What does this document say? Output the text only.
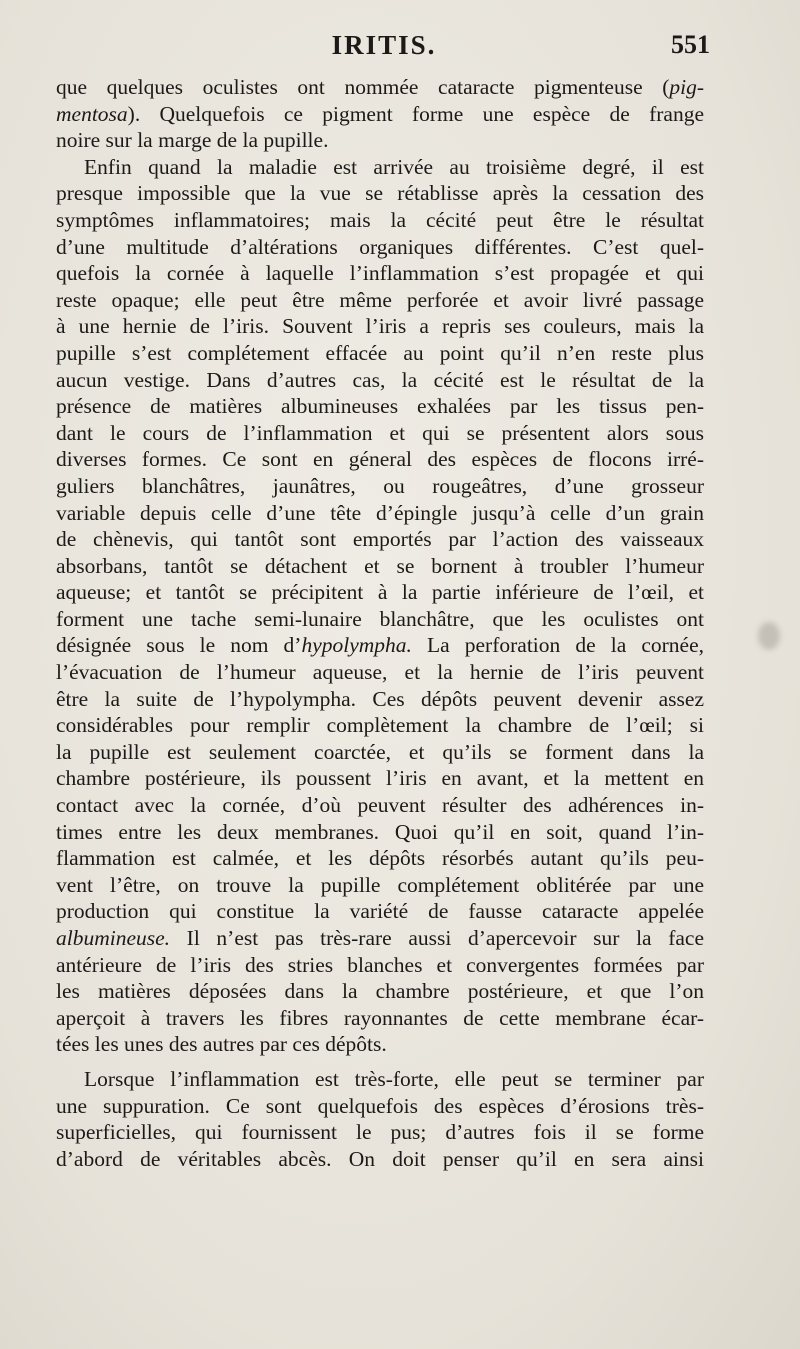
IRITIS.	551
que quelques oculistes ont nommée cataracte pigmenteuse (pig-
mentosa). Quelquefois ce pigment forme une espèce de frange
noire sur la marge de la pupille.
Enfin quand la maladie est arrivée au troisième degré, il est
presque impossible que la vue se rétablisse après la cessation des
symptômes inflammatoires; mais la cécité peut être le résultat
d’une multitude d’altérations organiques différentes. C’est quel-
quefois la cornée à laquelle l’inflammation s’est propagée et qui
reste opaque; elle peut être même perforée et avoir livré passage
à une hernie de l’iris. Souvent l’iris a repris ses couleurs, mais la
pupille s’est complétement effacée au point qu’il n’en reste plus
aucun vestige. Dans d’autres cas, la cécité est le résultat de la
présence de matières albumineuses exhalées par les tissus pen-
dant le cours de l’inflammation et qui se présentent alors sous
diverses formes. Ce sont en géneral des espèces de flocons irré-
guliers blanchâtres, jaunâtres, ou rougeâtres, d’une grosseur
variable depuis celle d’une tête d’épingle jusqu’à celle d’un grain
de chènevis, qui tantôt sont emportés par l’action des vaisseaux
absorbans, tantôt se détachent et se bornent à troubler l’humeur
aqueuse; et tantôt se précipitent à la partie inférieure de l’œil, et
forment une tache semi-lunaire blanchâtre, que les oculistes ont
désignée sous le nom d’hypolympha. La perforation de la cornée,
l’évacuation de l’humeur aqueuse, et la hernie de l’iris peuvent
être la suite de l’hypolympha. Ces dépôts peuvent devenir assez
considérables pour remplir complètement la chambre de l’œil; si
la pupille est seulement coarctée, et qu’ils se forment dans la
chambre postérieure, ils poussent l’iris en avant, et la mettent en
contact avec la cornée, d’où peuvent résulter des adhérences in-
times entre les deux membranes. Quoi qu’il en soit, quand l’in-
flammation est calmée, et les dépôts résorbés autant qu’ils peu-
vent l’être, on trouve la pupille complétement oblitérée par une
production qui constitue la variété de fausse cataracte appelée
albumineuse. Il n’est pas très-rare aussi d’apercevoir sur la face
antérieure de l’iris des stries blanches et convergentes formées par
les matières déposées dans la chambre postérieure, et que l’on
aperçoit à travers les fibres rayonnantes de cette membrane écar-
tées les unes des autres par ces dépôts.
Lorsque l’inflammation est très-forte, elle peut se terminer par
une suppuration. Ce sont quelquefois des espèces d’érosions très-
superficielles, qui fournissent le pus; d’autres fois il se forme
d’abord de véritables abcès. On doit penser qu’il en sera ainsi
